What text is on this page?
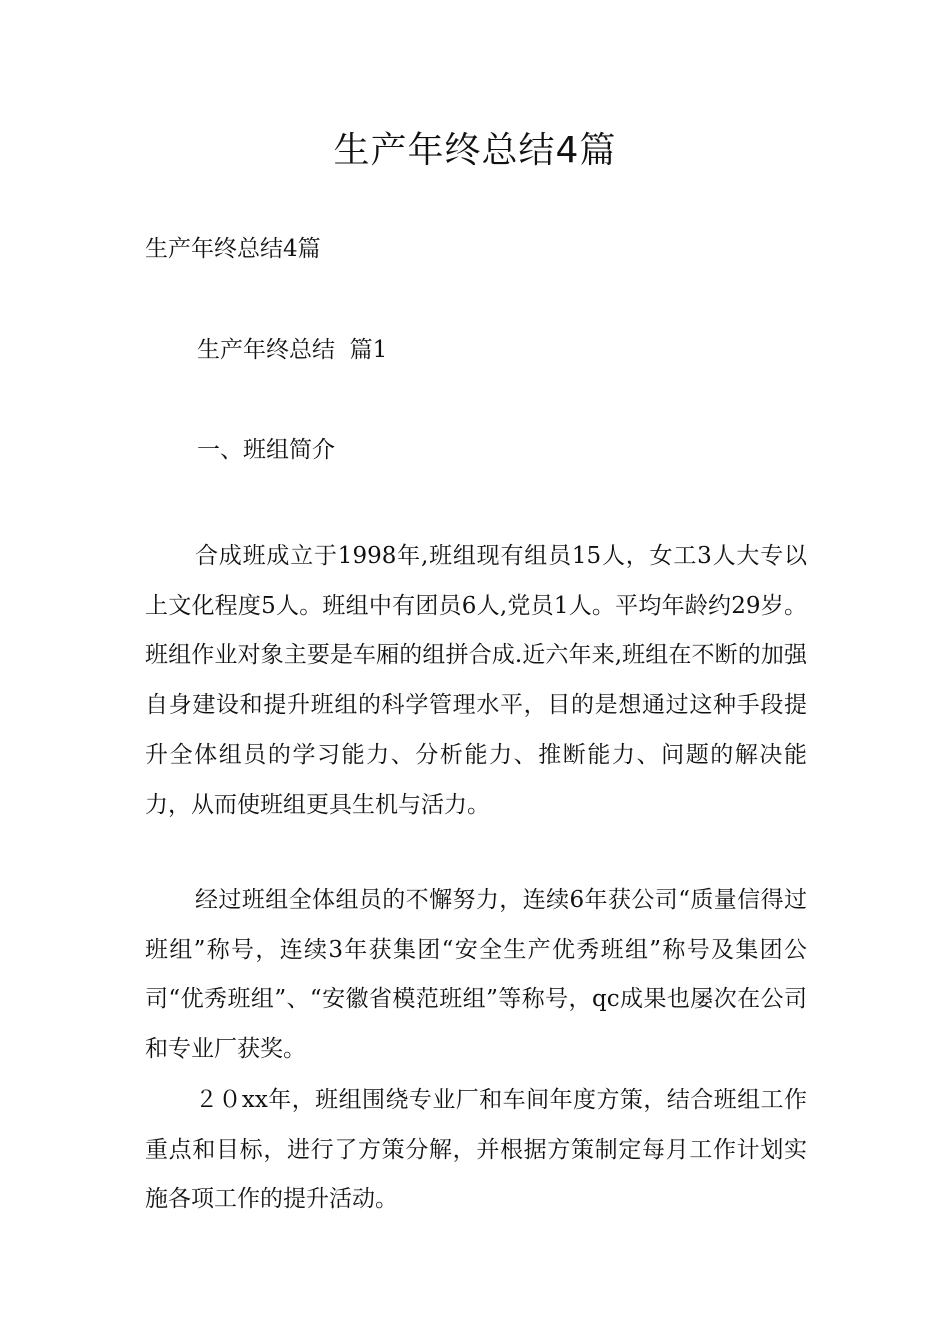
生产年终总结4篇

生产年终总结4篇

生产年终总结  篇1

一、班组简介

合成班成立于1998年,班组现有组员15人，女工3人大专以上文化程度5人。班组中有团员6人,党员1人。平均年龄约29岁。班组作业对象主要是车厢的组拼合成.近六年来,班组在不断的加强自身建设和提升班组的科学管理水平，目的是想通过这种手段提升全体组员的学习能力、分析能力、推断能力、问题的解决能力，从而使班组更具生机与活力。

经过班组全体组员的不懈努力，连续6年获公司“质量信得过班组”称号，连续3年获集团“安全生产优秀班组”称号及集团公司“优秀班组”、“安徽省模范班组”等称号，qc成果也屡次在公司和专业厂获奖。

２０xx年，班组围绕专业厂和车间年度方策，结合班组工作重点和目标，进行了方策分解，并根据方策制定每月工作计划实施各项工作的提升活动。
